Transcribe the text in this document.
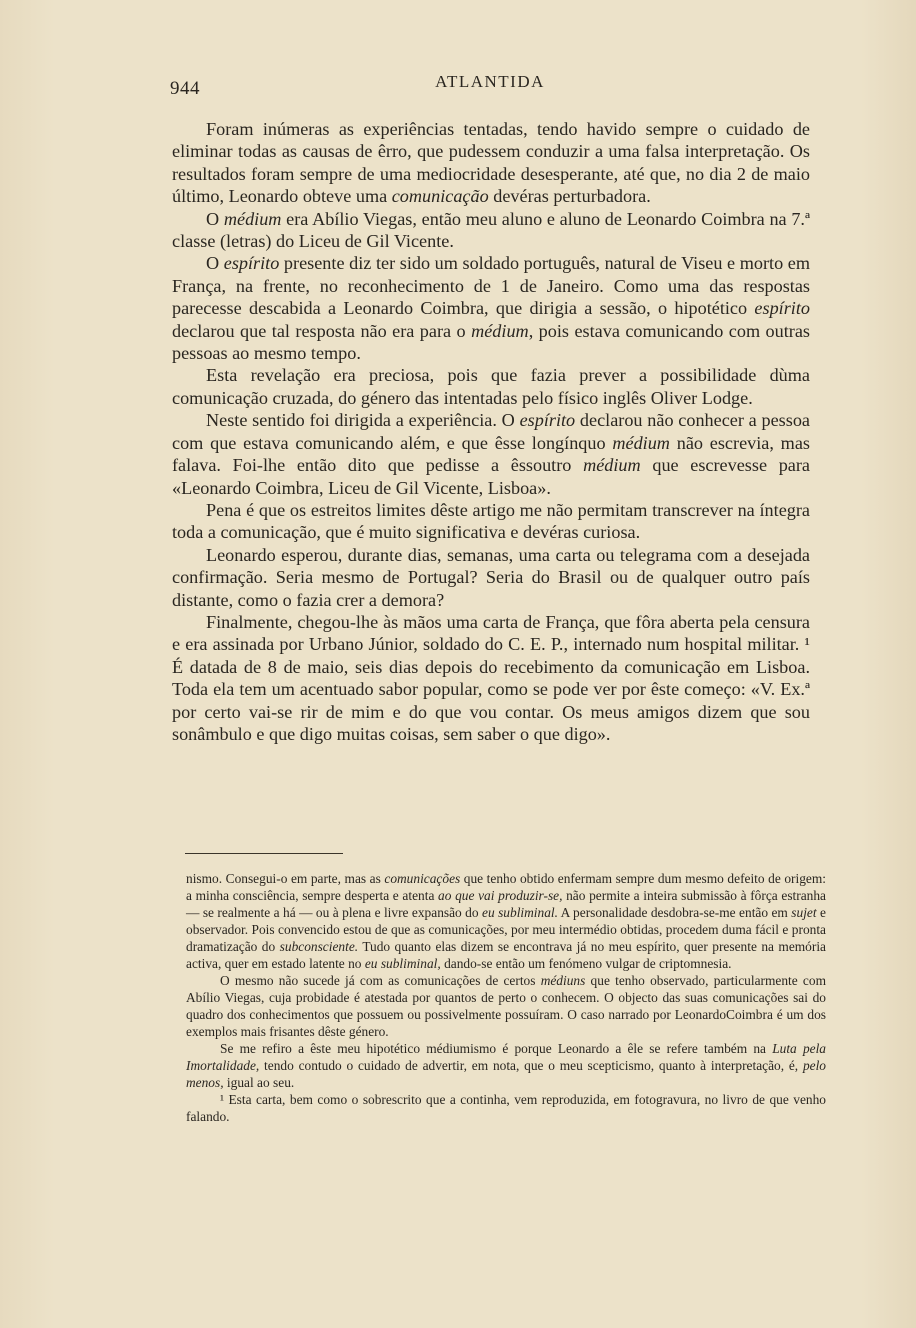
944	ATLANTIDA

Foram inúmeras as experiências tentadas, tendo havido sempre o cuidado de eliminar todas as causas de êrro, que pudessem conduzir a uma falsa interpretação. Os resultados foram sempre de uma mediocridade desesperante, até que, no dia 2 de maio último, Leonardo obteve uma comunicação devéras perturbadora.

O médium era Abílio Viegas, então meu aluno e aluno de Leonardo Coimbra na 7.ª classe (letras) do Liceu de Gil Vicente.

O espírito presente diz ter sido um soldado português, natural de Viseu e morto em França, na frente, no reconhecimento de 1 de Janeiro. Como uma das respostas parecesse descabida a Leonardo Coimbra, que dirigia a sessão, o hipotético espírito declarou que tal resposta não era para o médium, pois estava comunicando com outras pessoas ao mesmo tempo.

Esta revelação era preciosa, pois que fazia prever a possibilidade dùma comunicação cruzada, do género das intentadas pelo físico inglês Oliver Lodge.

Neste sentido foi dirigida a experiência. O espírito declarou não conhecer a pessoa com que estava comunicando além, e que êsse longínquo médium não escrevia, mas falava. Foi-lhe então dito que pedisse a êssoutro médium que escrevesse para «Leonardo Coimbra, Liceu de Gil Vicente, Lisboa».

Pena é que os estreitos limites dêste artigo me não permitam transcrever na íntegra toda a comunicação, que é muito significativa e devéras curiosa.

Leonardo esperou, durante dias, semanas, uma carta ou telegrama com a desejada confirmação. Seria mesmo de Portugal? Seria do Brasil ou de qualquer outro país distante, como o fazia crer a demora?

Finalmente, chegou-lhe às mãos uma carta de França, que fôra aberta pela censura e era assinada por Urbano Júnior, soldado do C. E. P., internado num hospital militar. ¹ É datada de 8 de maio, seis dias depois do recebimento da comunicação em Lisboa. Toda ela tem um acentuado sabor popular, como se pode ver por êste começo: «V. Ex.ª por certo vai-se rir de mim e do que vou contar. Os meus amigos dizem que sou sonâmbulo e que digo muitas coisas, sem saber o que digo».

nismo. Consegui-o em parte, mas as comunicações que tenho obtido enfermam sempre dum mesmo defeito de origem: a minha consciência, sempre desperta e atenta ao que vai produzir-se, não permite a inteira submissão à fôrça estranha — se realmente a há — ou à plena e livre expansão do eu subliminal. A personalidade desdobra-se-me então em sujet e observador. Pois convencido estou de que as comunicações, por meu intermédio obtidas, procedem duma fácil e pronta dramatização do subconsciente. Tudo quanto elas dizem se encontrava já no meu espírito, quer presente na memória activa, quer em estado latente no eu subliminal, dando-se então um fenómeno vulgar de criptomnesia.

O mesmo não sucede já com as comunicações de certos médiuns que tenho observado, particularmente com Abílio Viegas, cuja probidade é atestada por quantos de perto o conhecem. O objecto das suas comunicações sai do quadro dos conhecimentos que possuem ou possivelmente possuíram. O caso narrado por LeonardoCoimbra é um dos exemplos mais frisantes dêste género.

Se me refiro a êste meu hipotético médiumismo é porque Leonardo a êle se refere também na Luta pela Imortalidade, tendo contudo o cuidado de advertir, em nota, que o meu scepticismo, quanto à interpretação, é, pelo menos, igual ao seu.

¹ Esta carta, bem como o sobrescrito que a continha, vem reproduzida, em fotogravura, no livro de que venho falando.
